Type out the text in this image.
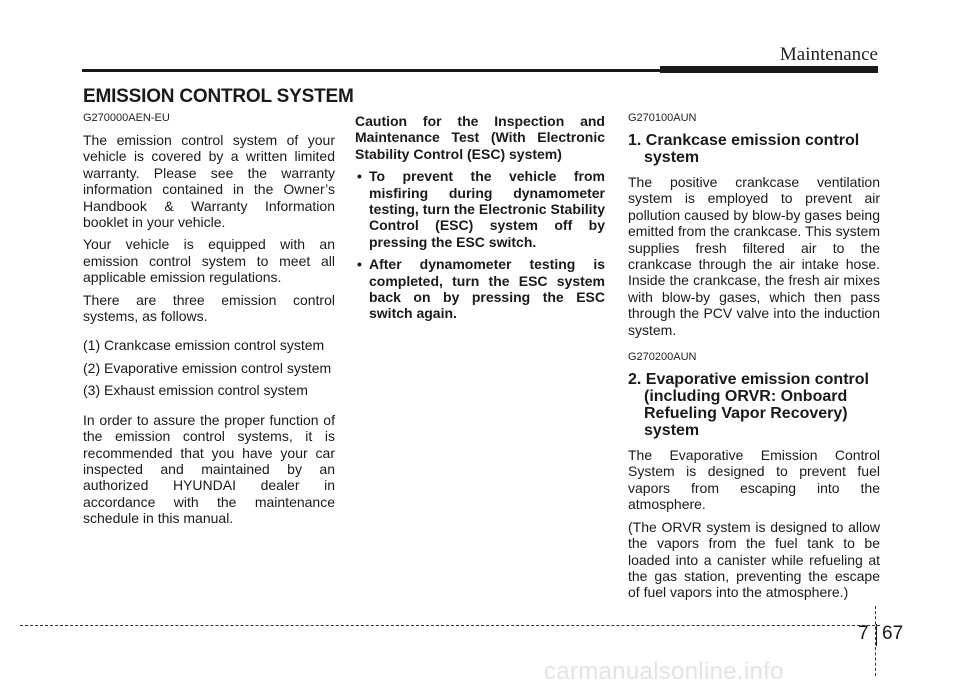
Maintenance
EMISSION CONTROL SYSTEM
G270000AEN-EU

The emission control system of your vehicle is covered by a written limited warranty. Please see the warranty information contained in the Owner’s Handbook & Warranty Information booklet in your vehicle.

Your vehicle is equipped with an emission control system to meet all applicable emission regulations.

There are three emission control systems, as follows.

(1) Crankcase emission control system

(2) Evaporative emission control system

(3) Exhaust emission control system

In order to assure the proper function of the emission control systems, it is recommended that you have your car inspected and maintained by an authorized HYUNDAI dealer in accordance with the maintenance schedule in this manual.

Caution for the Inspection and Maintenance Test (With Electronic Stability Control (ESC) system)

• To prevent the vehicle from misfiring during dynamometer testing, turn the Electronic Stability Control (ESC) system off by pressing the ESC switch.
• After dynamometer testing is completed, turn the ESC system back on by pressing the ESC switch again.
G270100AUN
1. Crankcase emission control system

The positive crankcase ventilation system is employed to prevent air pollution caused by blow-by gases being emitted from the crankcase. This system supplies fresh filtered air to the crankcase through the air intake hose. Inside the crankcase, the fresh air mixes with blow-by gases, which then pass through the PCV valve into the induction system.

G270200AUN
2. Evaporative emission control (including ORVR: Onboard Refueling Vapor Recovery) system

The Evaporative Emission Control System is designed to prevent fuel vapors from escaping into the atmosphere.

(The ORVR system is designed to allow the vapors from the fuel tank to be loaded into a canister while refueling at the gas station, preventing the escape of fuel vapors into the atmosphere.)

7 67
carmanualsonline.info
